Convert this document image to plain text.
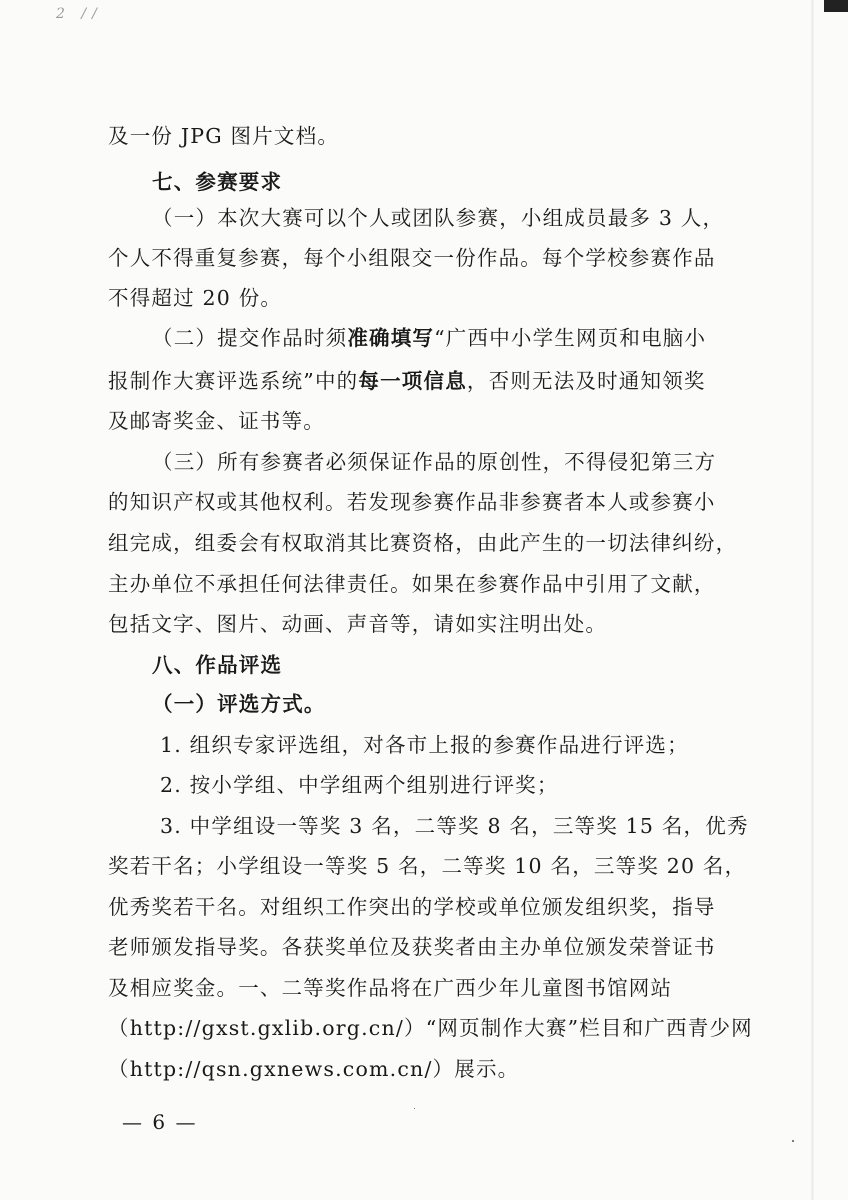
2 //
及一份 JPG 图片文档。
七、参赛要求
（一）本次大赛可以个人或团队参赛，小组成员最多 3 人，
个人不得重复参赛，每个小组限交一份作品。每个学校参赛作品
不得超过 20 份。
（二）提交作品时须准确填写“广西中小学生网页和电脑小
报制作大赛评选系统”中的每一项信息，否则无法及时通知领奖
及邮寄奖金、证书等。
（三）所有参赛者必须保证作品的原创性，不得侵犯第三方
的知识产权或其他权利。若发现参赛作品非参赛者本人或参赛小
组完成，组委会有权取消其比赛资格，由此产生的一切法律纠纷，
主办单位不承担任何法律责任。如果在参赛作品中引用了文献，
包括文字、图片、动画、声音等，请如实注明出处。
八、作品评选
（一）评选方式。
1. 组织专家评选组，对各市上报的参赛作品进行评选；
2. 按小学组、中学组两个组别进行评奖；
3. 中学组设一等奖 3 名，二等奖 8 名，三等奖 15 名，优秀
奖若干名；小学组设一等奖 5 名，二等奖 10 名，三等奖 20 名，
优秀奖若干名。对组织工作突出的学校或单位颁发组织奖，指导
老师颁发指导奖。各获奖单位及获奖者由主办单位颁发荣誉证书
及相应奖金。一、二等奖作品将在广西少年儿童图书馆网站
（http://gxst.gxlib.org.cn/）“网页制作大赛”栏目和广西青少网
（http://qsn.gxnews.com.cn/）展示。
— 6 —
